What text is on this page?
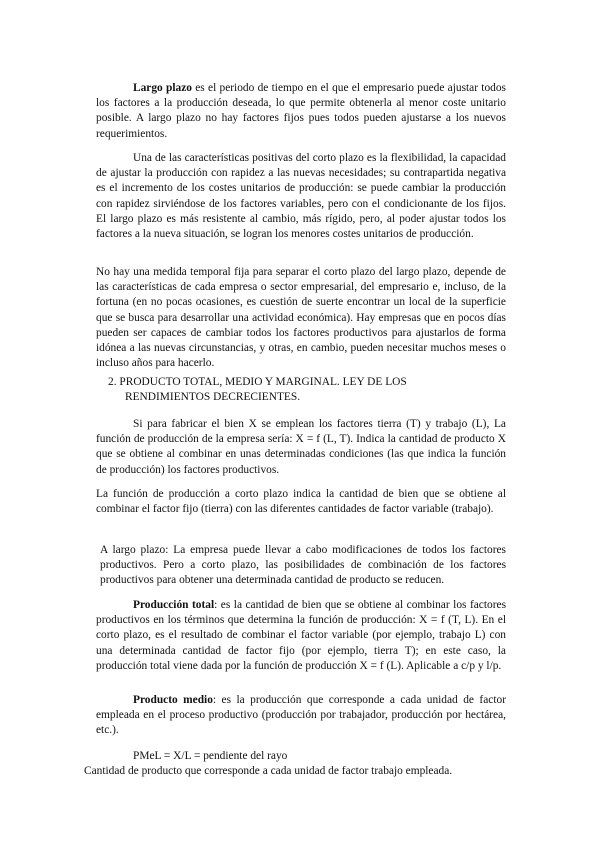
Largo plazo es el periodo de tiempo en el que el empresario puede ajustar todos los factores a la producción deseada, lo que permite obtenerla al menor coste unitario posible. A largo plazo no hay factores fijos pues todos pueden ajustarse a los nuevos requerimientos.

Una de las características positivas del corto plazo es la flexibilidad, la capacidad de ajustar la producción con rapidez a las nuevas necesidades; su contrapartida negativa es el incremento de los costes unitarios de producción: se puede cambiar la producción con rapidez sirviéndose de los factores variables, pero con el condicionante de los fijos. El largo plazo es más resistente al cambio, más rígido, pero, al poder ajustar todos los factores a la nueva situación, se logran los menores costes unitarios de producción.

No hay una medida temporal fija para separar el corto plazo del largo plazo, depende de las características de cada empresa o sector empresarial, del empresario e, incluso, de la fortuna (en no pocas ocasiones, es cuestión de suerte encontrar un local de la superficie que se busca para desarrollar una actividad económica). Hay empresas que en pocos días pueden ser capaces de cambiar todos los factores productivos para ajustarlos de forma idónea a las nuevas circunstancias, y otras, en cambio, pueden necesitar muchos meses o incluso años para hacerlo.

2. PRODUCTO TOTAL, MEDIO Y MARGINAL. LEY DE LOS
RENDIMIENTOS DECRECIENTES.

Si para fabricar el bien X se emplean los factores tierra (T) y trabajo (L), La función de producción de la empresa sería: X = f (L, T). Indica la cantidad de producto X que se obtiene al combinar en unas determinadas condiciones (las que indica la función de producción) los factores productivos.

La función de producción a corto plazo indica la cantidad de bien que se obtiene al combinar el factor fijo (tierra) con las diferentes cantidades de factor variable (trabajo).

A largo plazo: La empresa puede llevar a cabo modificaciones de todos los factores productivos. Pero a corto plazo, las posibilidades de combinación de los factores productivos para obtener una determinada cantidad de producto se reducen.

Producción total: es la cantidad de bien que se obtiene al combinar los factores productivos en los términos que determina la función de producción: X = f (T, L). En el corto plazo, es el resultado de combinar el factor variable (por ejemplo, trabajo L) con una determinada cantidad de factor fijo (por ejemplo, tierra T); en este caso, la producción total viene dada por la función de producción X = f (L). Aplicable a c/p y l/p.

Producto medio: es la producción que corresponde a cada unidad de factor empleada en el proceso productivo (producción por trabajador, producción por hectárea, etc.).

PMeL = X/L = pendiente del rayo
Cantidad de producto que corresponde a cada unidad de factor trabajo empleada.
